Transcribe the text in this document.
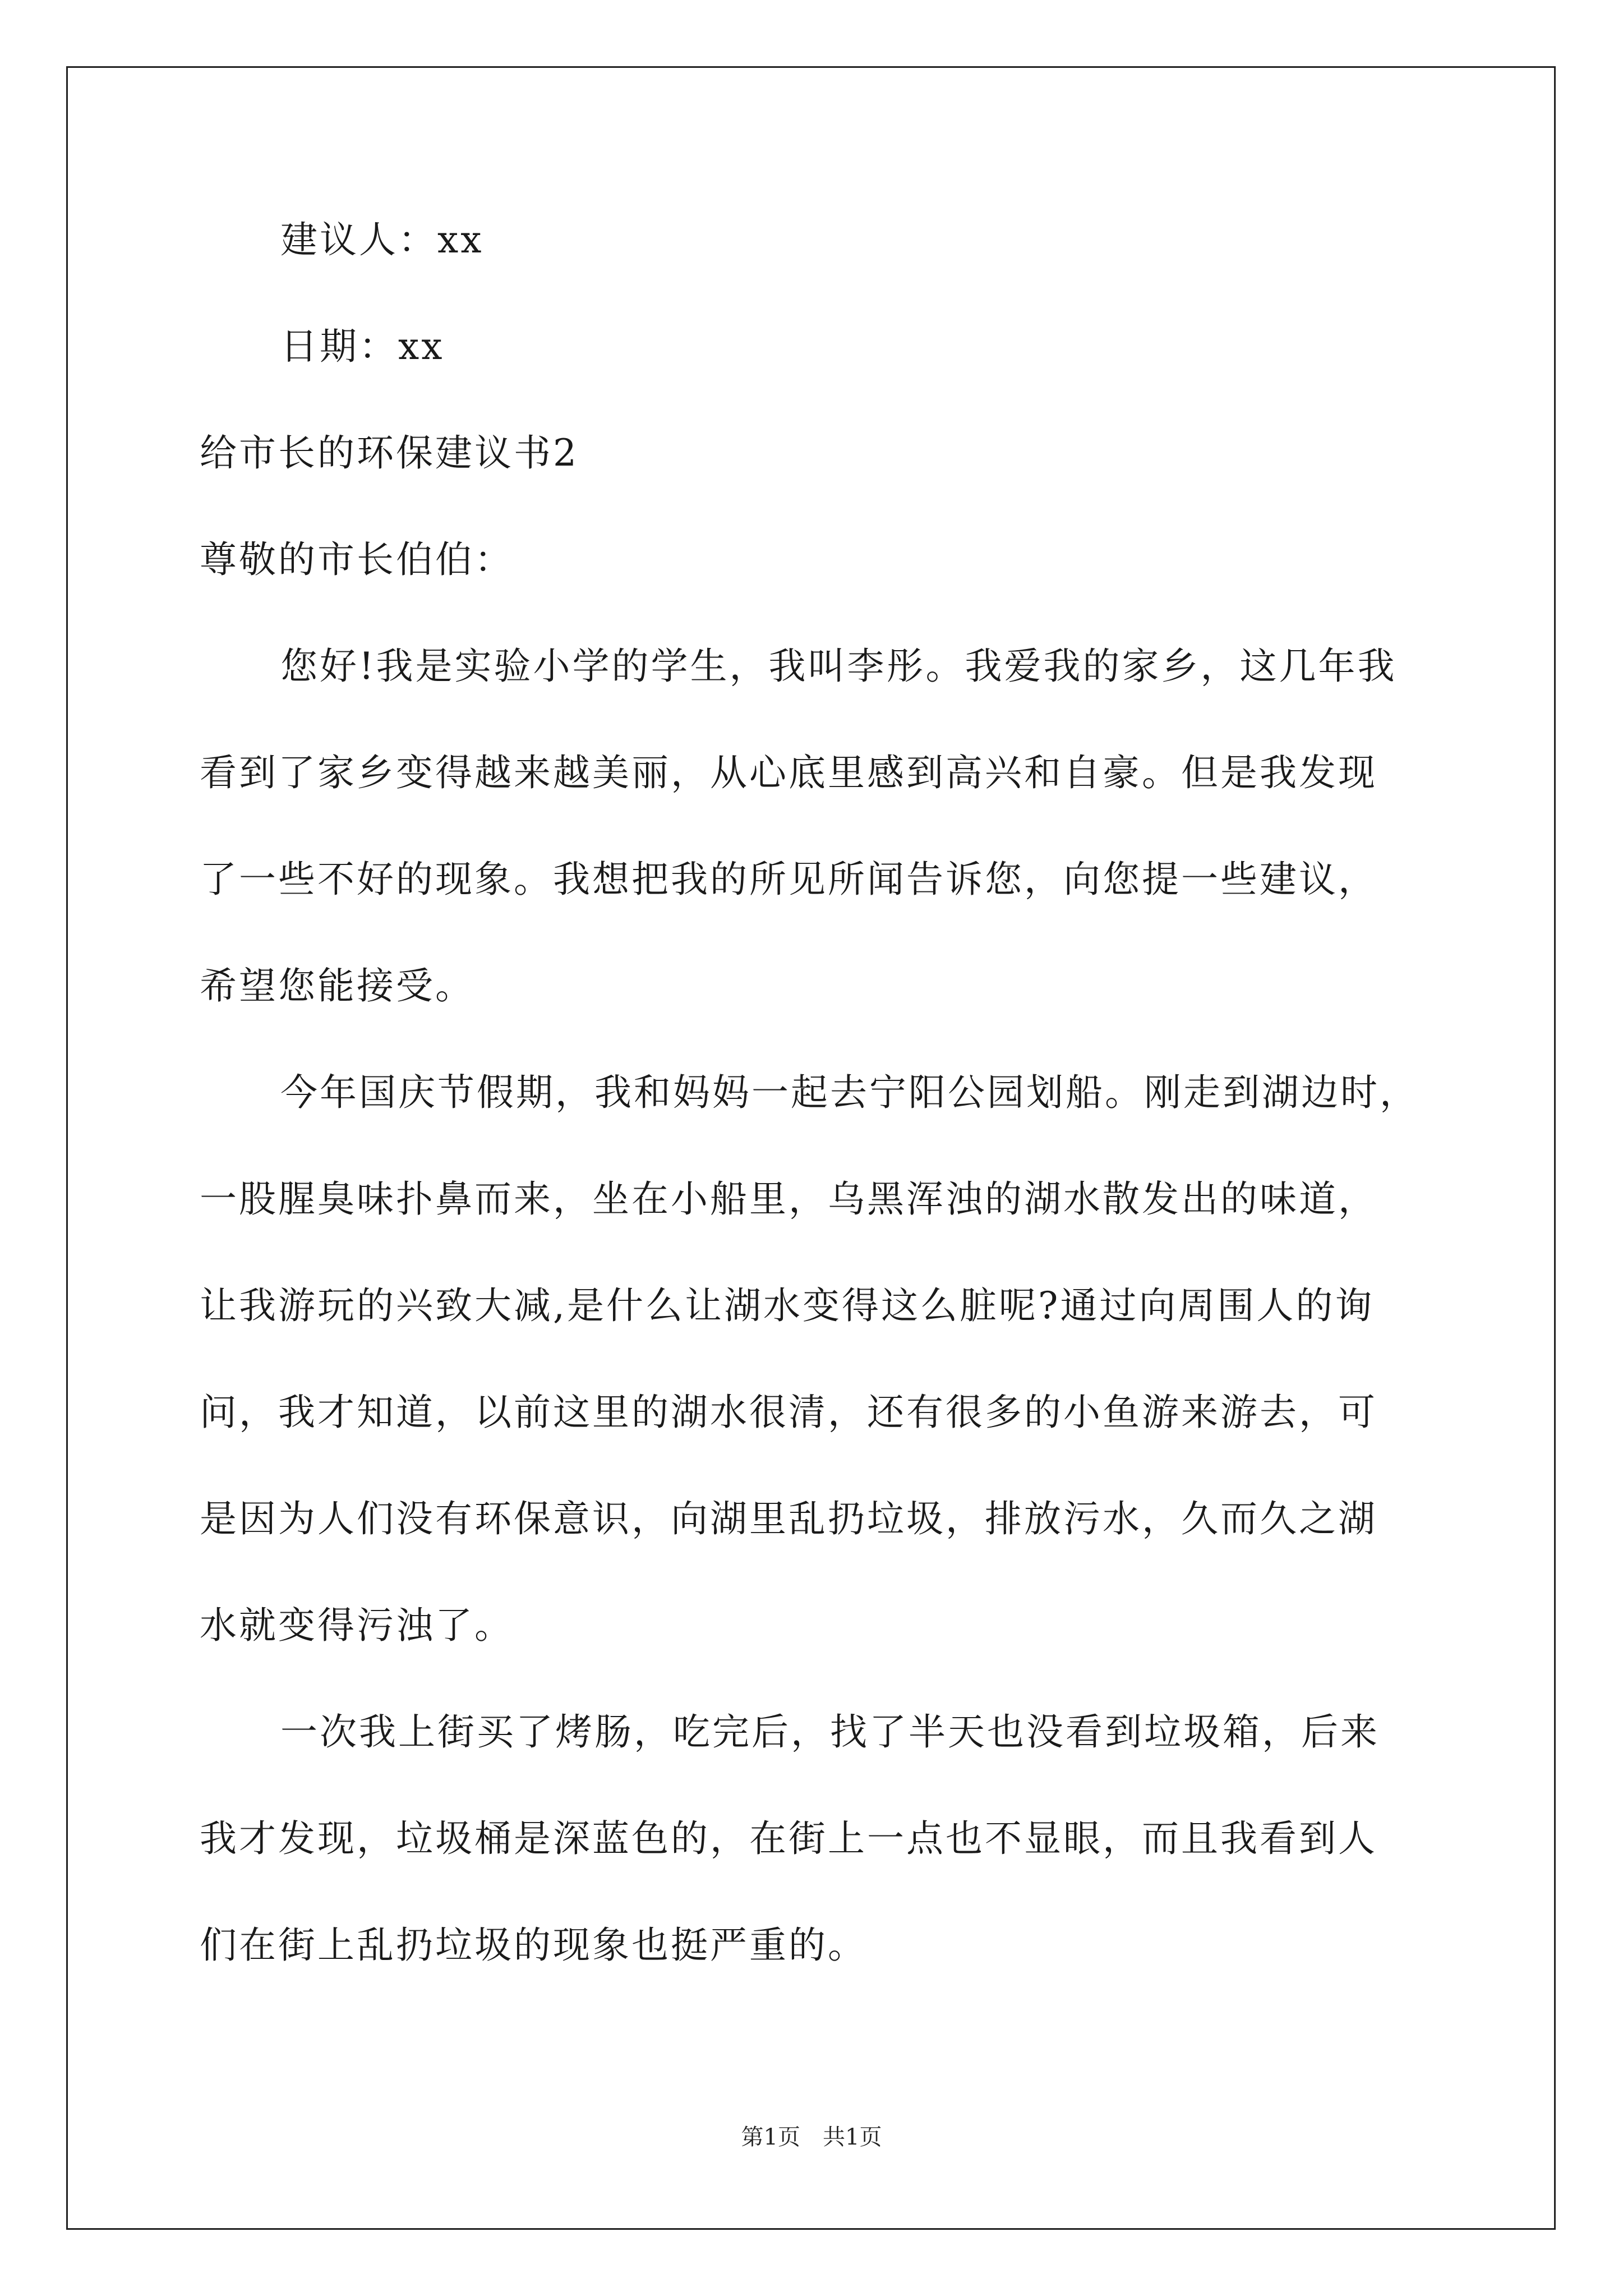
建议人：xx
日期：xx
给市长的环保建议书2
尊敬的市长伯伯：
您好!我是实验小学的学生，我叫李彤。我爱我的家乡，这几年我
看到了家乡变得越来越美丽，从心底里感到高兴和自豪。但是我发现
了一些不好的现象。我想把我的所见所闻告诉您，向您提一些建议，
希望您能接受。
今年国庆节假期，我和妈妈一起去宁阳公园划船。刚走到湖边时，
一股腥臭味扑鼻而来，坐在小船里，乌黑浑浊的湖水散发出的味道，
让我游玩的兴致大减,是什么让湖水变得这么脏呢?通过向周围人的询
问，我才知道，以前这里的湖水很清，还有很多的小鱼游来游去，可
是因为人们没有环保意识，向湖里乱扔垃圾，排放污水，久而久之湖
水就变得污浊了。
一次我上街买了烤肠，吃完后，找了半天也没看到垃圾箱，后来
我才发现，垃圾桶是深蓝色的，在街上一点也不显眼，而且我看到人
们在街上乱扔垃圾的现象也挺严重的。
第1页 共1页
